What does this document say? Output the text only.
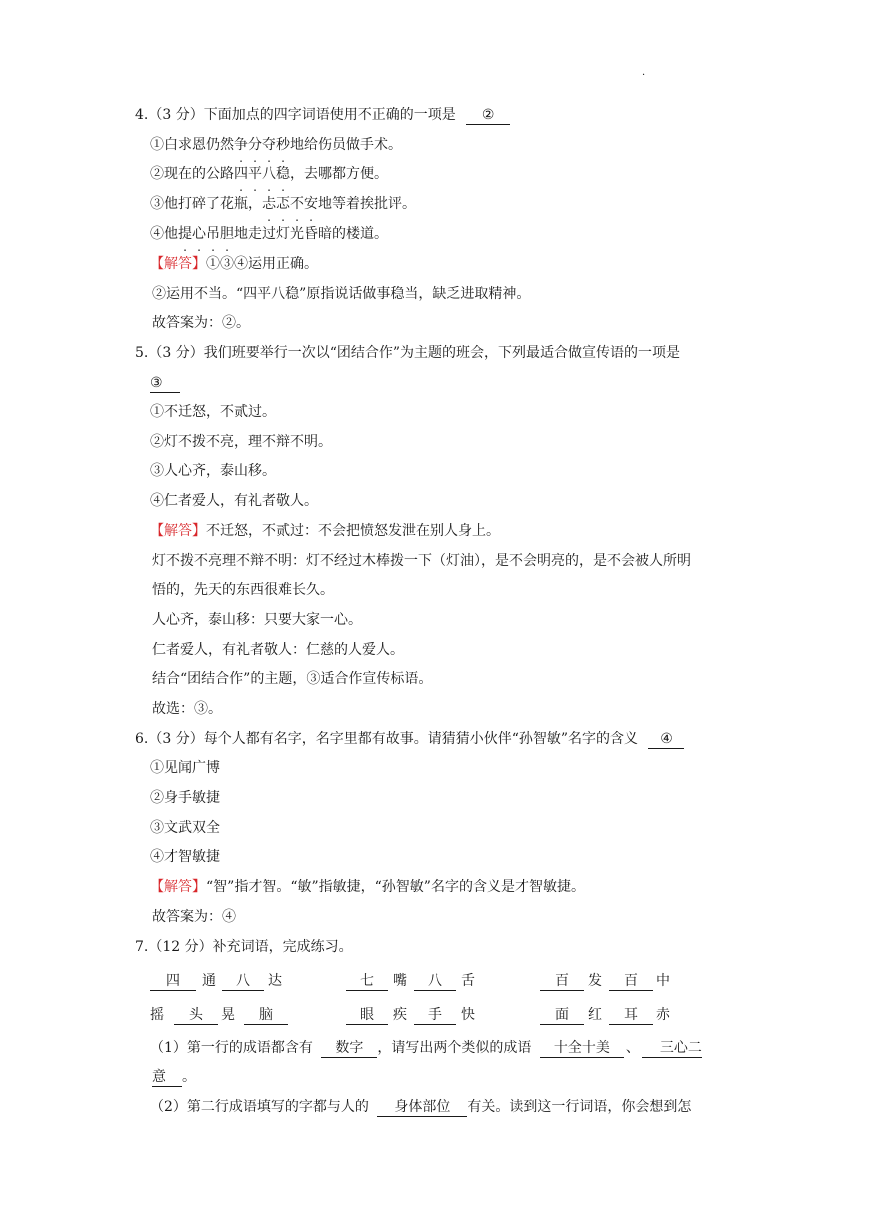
·
4.（3 分）下面加点的四字词语使用不正确的一项是 ②
①白求恩仍然争分夺秒地给伤员做手术。
②现在的公路四平八稳，去哪都方便。
③他打碎了花瓶，忐忑不安地等着挨批评。
④他提心吊胆地走过灯光昏暗的楼道。
【解答】①③④运用正确。
②运用不当。“四平八稳”原指说话做事稳当，缺乏进取精神。
故答案为：②。
5.（3 分）我们班要举行一次以“团结合作”为主题的班会，下列最适合做宣传语的一项是
③
①不迁怒，不贰过。
②灯不拨不亮，理不辩不明。
③人心齐，泰山移。
④仁者爱人，有礼者敬人。
【解答】不迁怒，不贰过：不会把愤怒发泄在别人身上。
灯不拨不亮理不辩不明：灯不经过木棒拨一下（灯油），是不会明亮的，是不会被人所明
悟的，先天的东西很难长久。
人心齐，泰山移：只要大家一心。
仁者爱人，有礼者敬人：仁慈的人爱人。
结合“团结合作”的主题，③适合作宣传标语。
故选：③。
6.（3 分）每个人都有名字，名字里都有故事。请猜猜小伙伴“孙智敏”名字的含义 ④
①见闻广博
②身手敏捷
③文武双全
④才智敏捷
【解答】“智”指才智。“敏”指敏捷，“孙智敏”名字的含义是才智敏捷。
故答案为：④
7.（12 分）补充词语，完成练习。
四	通	八	达	七	嘴	八	舌	百	发	百	中
摇	头	晃	脑	眼	疾	手	快	面	红	耳	赤
（1）第一行的成语都含有 数字 ，请写出两个类似的成语 十全十美 、 三心二
意 。
（2）第二行成语填写的字都与人的 身体部位 有关。读到这一行词语，你会想到怎
